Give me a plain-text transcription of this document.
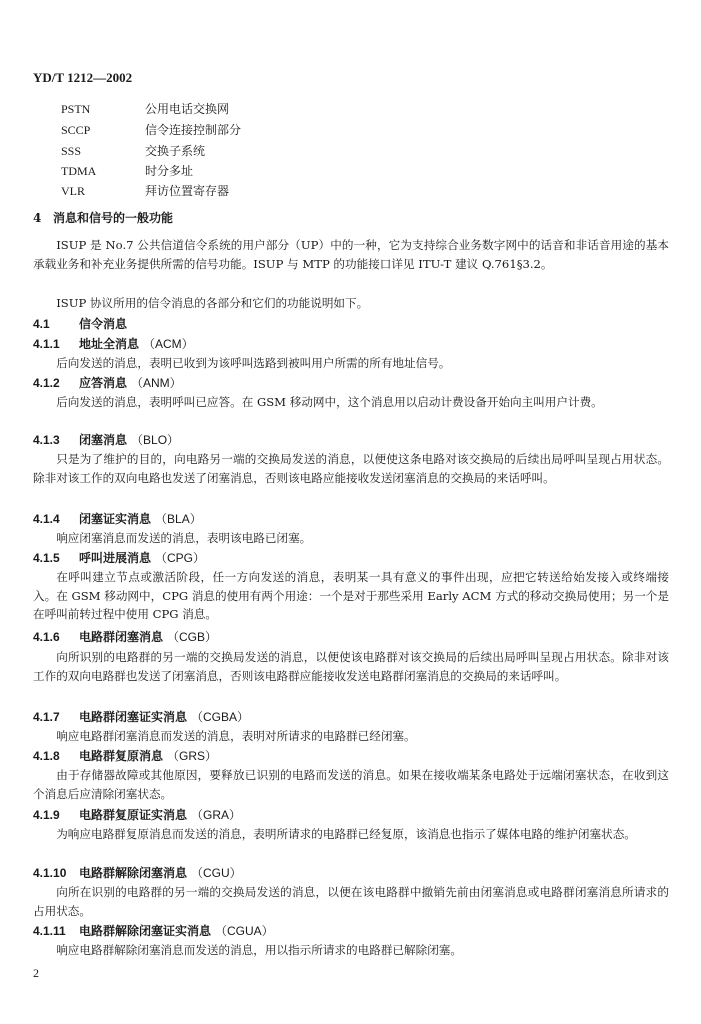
YD/T 1212—2002
PSTN	公用电话交换网
SCCP	信令连接控制部分
SSS	交换子系统
TDMA	时分多址
VLR	拜访位置寄存器
4 消息和信号的一般功能

ISUP 是 No.7 公共信道信令系统的用户部分（UP）中的一种，它为支持综合业务数字网中的话音和非话音用途的基本承载业务和补充业务提供所需的信号功能。ISUP 与 MTP 的功能接口详见 ITU-T 建议 Q.761§3.2。

ISUP 协议所用的信令消息的各部分和它们的功能说明如下。

4.1 信令消息
4.1.1 地址全消息 （ACM）

后向发送的消息，表明已收到为该呼叫选路到被叫用户所需的所有地址信号。

4.1.2 应答消息 （ANM）

后向发送的消息，表明呼叫已应答。在 GSM 移动网中，这个消息用以启动计费设备开始向主叫用户计费。

4.1.3 闭塞消息 （BLO）

只是为了维护的目的，向电路另一端的交换局发送的消息，以便使这条电路对该交换局的后续出局呼叫呈现占用状态。除非对该工作的双向电路也发送了闭塞消息，否则该电路应能接收发送闭塞消息的交换局的来话呼叫。

4.1.4 闭塞证实消息 （BLA）

响应闭塞消息而发送的消息，表明该电路已闭塞。

4.1.5 呼叫进展消息 （CPG）

在呼叫建立节点或激活阶段，任一方向发送的消息，表明某一具有意义的事件出现，应把它转送给始发接入或终端接入。在 GSM 移动网中，CPG 消息的使用有两个用途：一个是对于那些采用 Early ACM 方式的移动交换局使用；另一个是在呼叫前转过程中使用 CPG 消息。

4.1.6 电路群闭塞消息 （CGB）

向所识别的电路群的另一端的交换局发送的消息，以便使该电路群对该交换局的后续出局呼叫呈现占用状态。除非对该工作的双向电路群也发送了闭塞消息，否则该电路群应能接收发送电路群闭塞消息的交换局的来话呼叫。

4.1.7 电路群闭塞证实消息 （CGBA）

响应电路群闭塞消息而发送的消息，表明对所请求的电路群已经闭塞。

4.1.8 电路群复原消息 （GRS）

由于存储器故障或其他原因，要释放已识别的电路而发送的消息。如果在接收端某条电路处于远端闭塞状态，在收到这个消息后应清除闭塞状态。

4.1.9 电路群复原证实消息 （GRA）

为响应电路群复原消息而发送的消息，表明所请求的电路群已经复原，该消息也指示了媒体电路的维护闭塞状态。

4.1.10 电路群解除闭塞消息 （CGU）

向所在识别的电路群的另一端的交换局发送的消息，以便在该电路群中撤销先前由闭塞消息或电路群闭塞消息所请求的占用状态。

4.1.11 电路群解除闭塞证实消息 （CGUA）

响应电路群解除闭塞消息而发送的消息，用以指示所请求的电路群已解除闭塞。

2
